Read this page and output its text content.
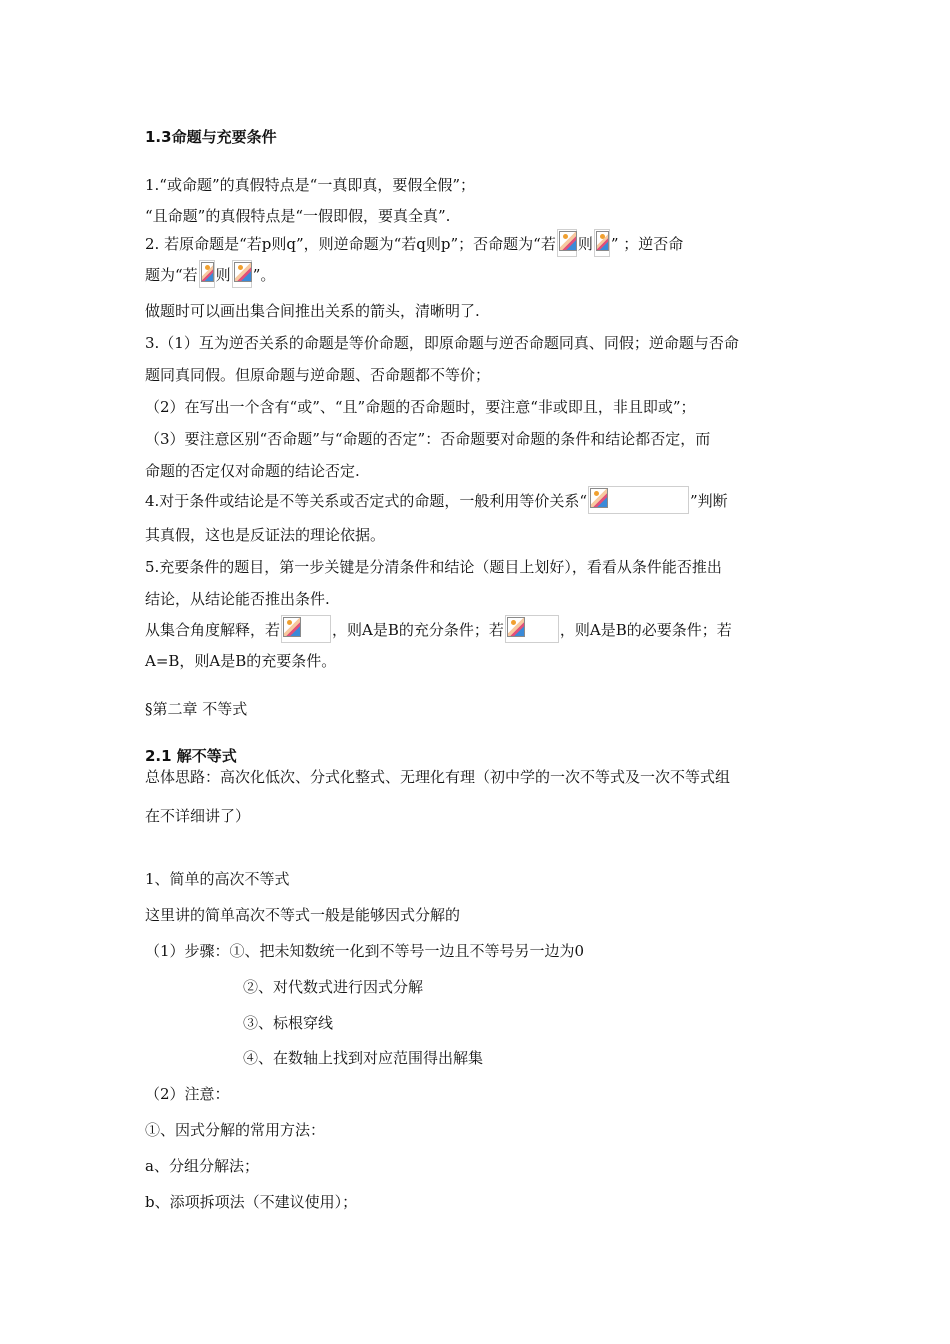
1.3命题与充要条件
1.“或命题”的真假特点是“一真即真，要假全假”；
“且命题”的真假特点是“一假即假，要真全真”.
2. 若原命题是“若p则q”，则逆命题为“若q则p”；否命题为“若 则 ” ；逆否命
题为“若 则 ”。
做题时可以画出集合间推出关系的箭头，清晰明了.
3.（1）互为逆否关系的命题是等价命题，即原命题与逆否命题同真、同假；逆命题与否命
题同真同假。但原命题与逆命题、否命题都不等价；
（2）在写出一个含有“或”、“且”命题的否命题时，要注意“非或即且，非且即或”；
（3）要注意区别“否命题”与“命题的否定”：否命题要对命题的条件和结论都否定，而
命题的否定仅对命题的结论否定.
4.对于条件或结论是不等关系或否定式的命题，一般利用等价关系“	”判断
其真假，这也是反证法的理论依据。
5.充要条件的题目，第一步关键是分清条件和结论（题目上划好），看看从条件能否推出
结论，从结论能否推出条件.
从集合角度解释，若	，则A是B的充分条件；若	，则A是B的必要条件；若
A=B，则A是B的充要条件。
§第二章 不等式
2.1 解不等式
总体思路：高次化低次、分式化整式、无理化有理（初中学的一次不等式及一次不等式组
在不详细讲了）
1、简单的高次不等式
这里讲的简单高次不等式一般是能够因式分解的
（1）步骤：①、把未知数统一化到不等号一边且不等号另一边为0
②、对代数式进行因式分解
③、标根穿线
④、在数轴上找到对应范围得出解集
（2）注意：
①、因式分解的常用方法：
a、分组分解法；
b、添项拆项法（不建议使用）；
